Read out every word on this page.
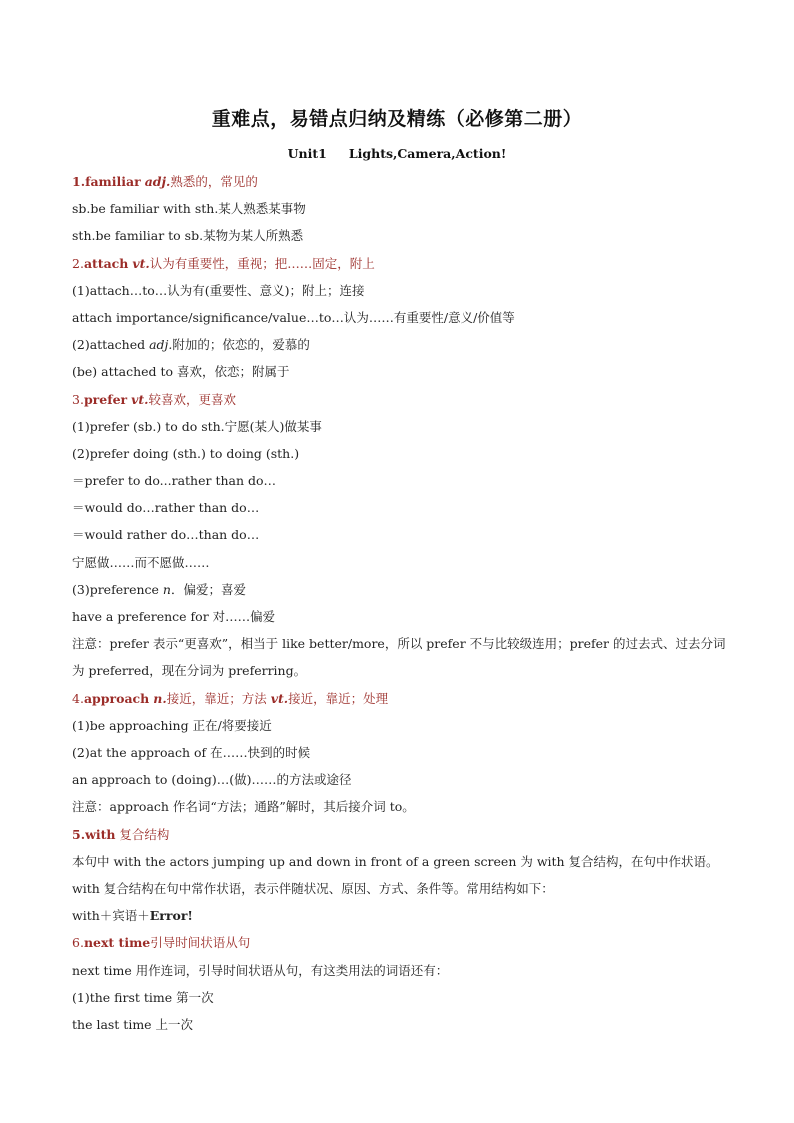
重难点，易错点归纳及精练（必修第二册）
Unit1 Lights,Camera,Action!
1.familiar adj.熟悉的，常见的
sb.be familiar with sth.某人熟悉某事物
sth.be familiar to sb.某物为某人所熟悉
2.attach vt.认为有重要性，重视；把……固定，附上
(1)attach…to…认为有(重要性、意义)；附上；连接
attach importance/significance/value…to…认为……有重要性/意义/价值等
(2)attached adj.附加的；依恋的，爱慕的
(be) attached to 喜欢，依恋；附属于
3.prefer vt.较喜欢，更喜欢
(1)prefer (sb.) to do sth.宁愿(某人)做某事
(2)prefer doing (sth.) to doing (sth.)
＝prefer to do...rather than do…
＝would do…rather than do…
＝would rather do…than do…
宁愿做……而不愿做……
(3)preference n．偏爱；喜爱
have a preference for 对……偏爱
注意：prefer 表示“更喜欢”，相当于 like better/more，所以 prefer 不与比较级连用；prefer 的过去式、过去分词为 preferred，现在分词为 preferring。
4.approach n.接近，靠近；方法 vt.接近，靠近；处理
(1)be approaching 正在/将要接近
(2)at the approach of 在……快到的时候
an approach to (doing)…(做)……的方法或途径
注意：approach 作名词“方法；通路”解时，其后接介词 to。
5.with 复合结构
本句中 with the actors jumping up and down in front of a green screen 为 with 复合结构，在句中作状语。with 复合结构在句中常作状语，表示伴随状况、原因、方式、条件等。常用结构如下：
with＋宾语＋Error!
6.next time引导时间状语从句
next time 用作连词，引导时间状语从句，有这类用法的词语还有：
(1)the first time 第一次
the last time 上一次
